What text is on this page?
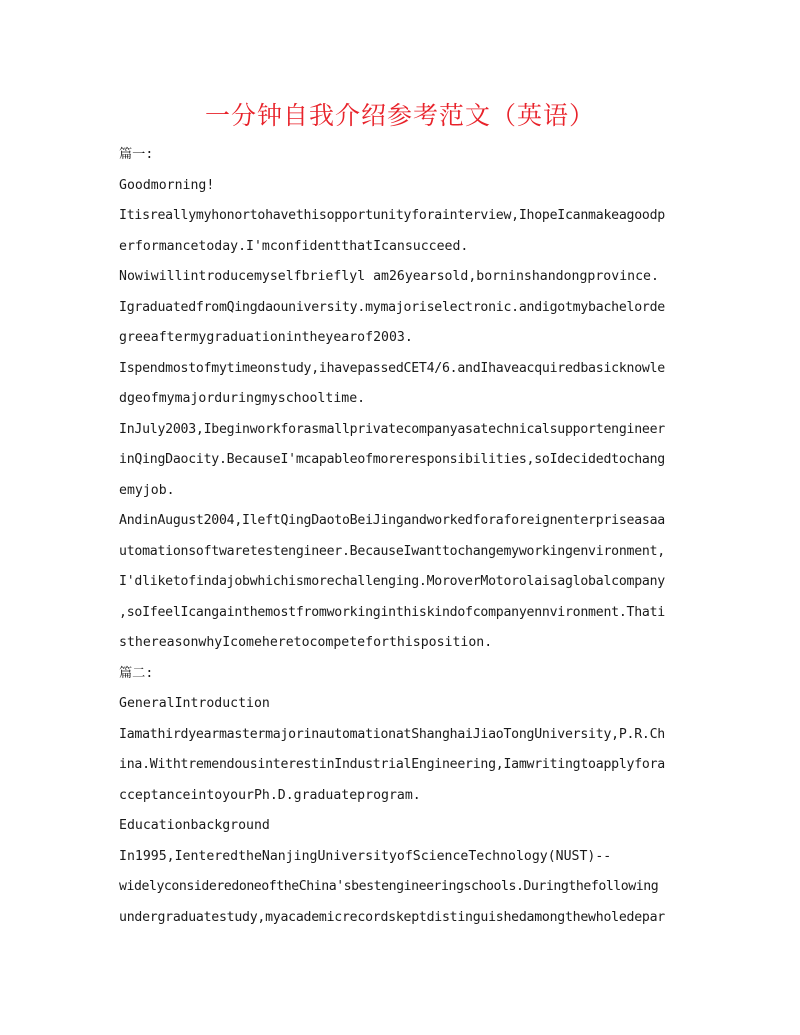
一分钟自我介绍参考范文（英语）
篇一:
Goodmorning!
Itisreallymyhonortohavethisopportunityforainterview,IhopeIcanmakeagoodp
erformancetoday.I'mconfidentthatIcansucceed.
Nowiwillintroducemyselfbrieflyl am26yearsold,borninshandongprovince.
IgraduatedfromQingdaouniversity.mymajoriselectronic.andigotmybachelorde
greeaftermygraduationintheyearof2003.
Ispendmostofmytimeonstudy,ihavepassedCET4/6.andIhaveacquiredbasicknowle
dgeofmymajorduringmyschooltime.
InJuly2003,Ibeginworkforasmallprivatecompanyasatechnicalsupportengineer
inQingDaocity.BecauseI'mcapableofmoreresponsibilities,soIdecidedtochang
emyjob.
AndinAugust2004,IleftQingDaotoBeiJingandworkedforaforeignenterpriseasaa
utomationsoftwaretestengineer.BecauseIwanttochangemyworkingenvironment,
I'dliketofindajobwhichismorechallenging.MoroverMotorolaisaglobalcompany
,soIfeelIcangainthemostfromworkinginthiskindofcompanyennvironment.Thati
sthereasonwhyIcomeheretocompeteforthisposition.
篇二:
GeneralIntroduction
IamathirdyearmastermajorinautomationatShanghaiJiaoTongUniversity,P.R.Ch
ina.WithtremendousinterestinIndustrialEngineering,Iamwritingtoapplyfora
cceptanceintoyourPh.D.graduateprogram.
Educationbackground
In1995,IenteredtheNanjingUniversityofScienceTechnology(NUST)--
widelyconsideredoneoftheChina'sbestengineeringschools.Duringthefollowing
undergraduatestudy,myacademicrecordskeptdistinguishedamongthewholedepar
